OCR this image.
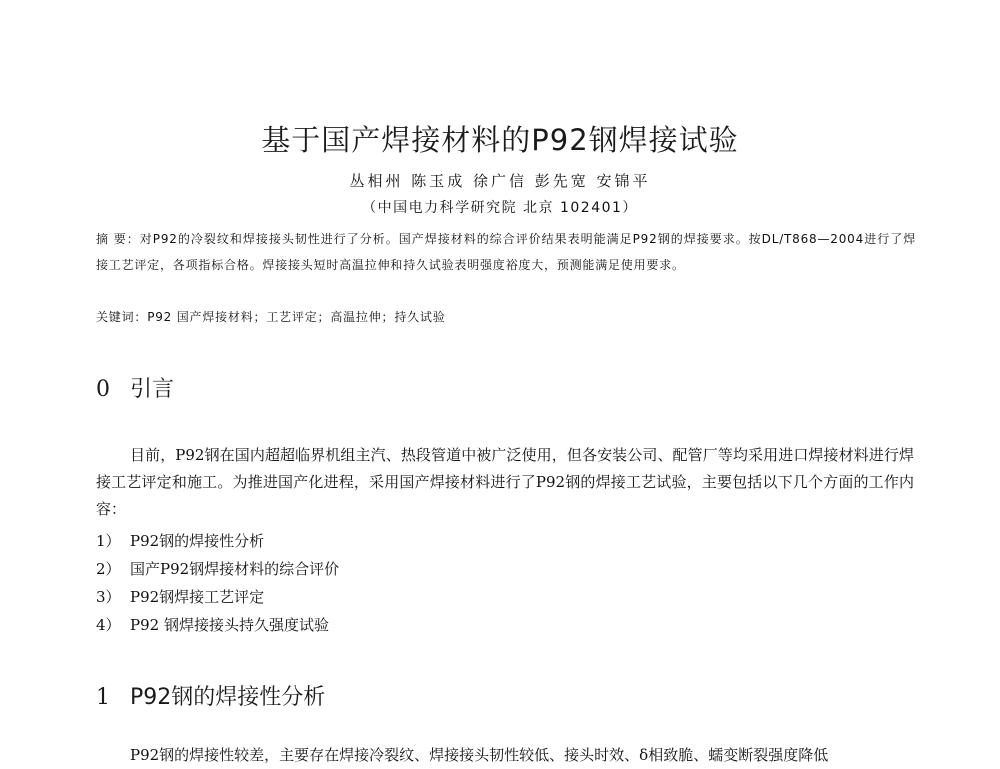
基于国产焊接材料的P92钢焊接试验
丛相州 陈玉成 徐广信 彭先宽 安锦平
（中国电力科学研究院 北京 102401）
摘 要：对P92的冷裂纹和焊接接头韧性进行了分析。国产焊接材料的综合评价结果表明能满足P92钢的焊接要求。按DL/T868—2004进行了焊接工艺评定，各项指标合格。焊接接头短时高温拉伸和持久试验表明强度裕度大，预测能满足使用要求。
关键词：P92 国产焊接材料；工艺评定；高温拉伸；持久试验
0 引言
目前，P92钢在国内超超临界机组主汽、热段管道中被广泛使用，但各安装公司、配管厂等均采用进口焊接材料进行焊接工艺评定和施工。为推进国产化进程，采用国产焊接材料进行了P92钢的焊接工艺试验，主要包括以下几个方面的工作内容：
1） P92钢的焊接性分析
2） 国产P92钢焊接材料的综合评价
3） P92钢焊接工艺评定
4） P92 钢焊接接头持久强度试验
1 P92钢的焊接性分析
P92钢的焊接性较差，主要存在焊接冷裂纹、焊接接头韧性较低、接头时效、δ相致脆、蠕变断裂强度降低
